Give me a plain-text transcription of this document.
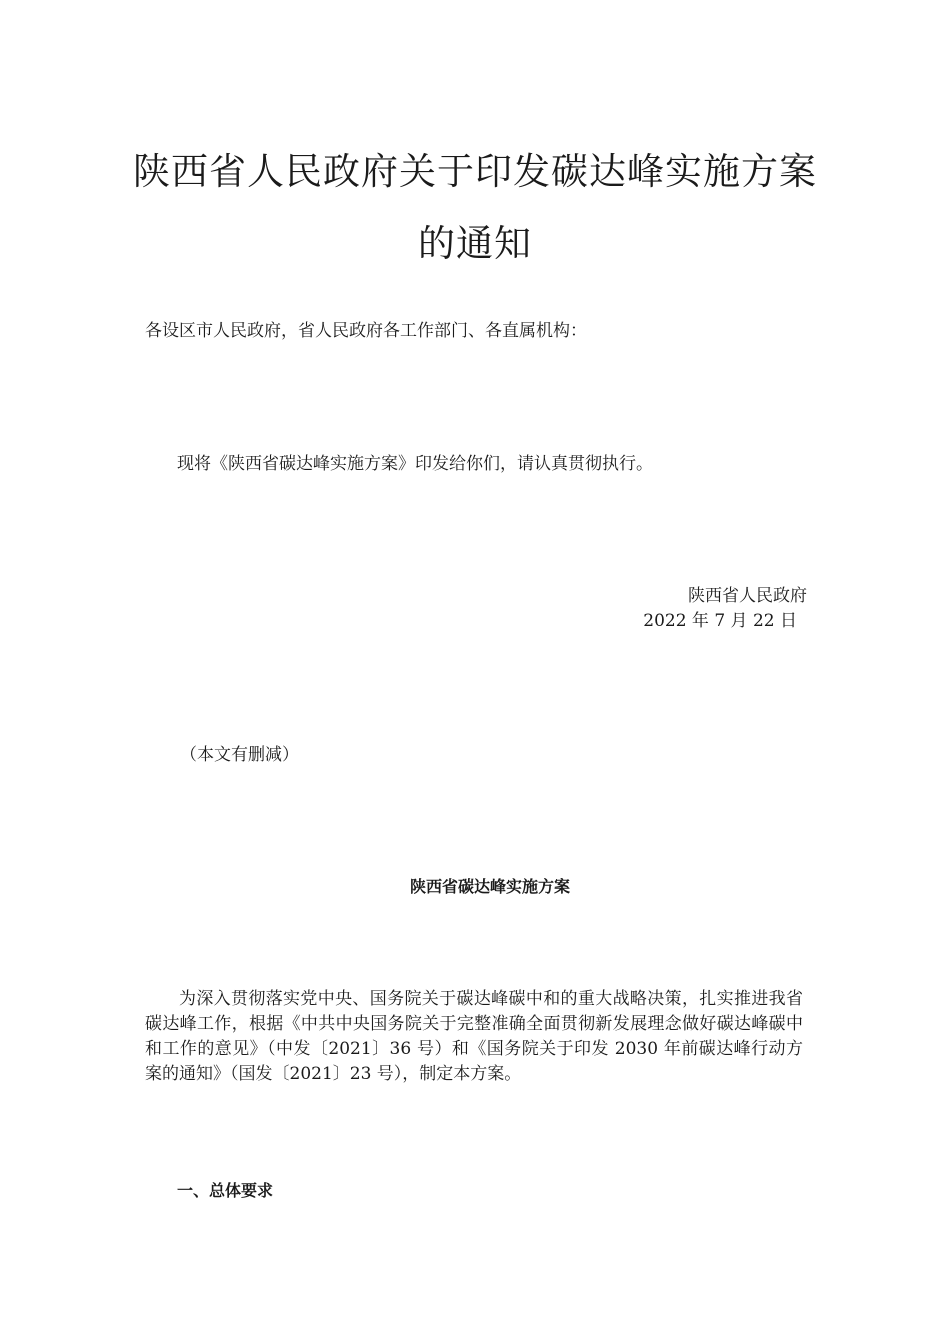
陕西省人民政府关于印发碳达峰实施方案的通知

各设区市人民政府，省人民政府各工作部门、各直属机构：

现将《陕西省碳达峰实施方案》印发给你们，请认真贯彻执行。

陕西省人民政府

2022 年 7 月 22 日

（本文有删减）

陕西省碳达峰实施方案

为深入贯彻落实党中央、国务院关于碳达峰碳中和的重大战略决策，扎实推进我省碳达峰工作，根据《中共中央国务院关于完整准确全面贯彻新发展理念做好碳达峰碳中和工作的意见》（中发〔2021〕36 号）和《国务院关于印发 2030 年前碳达峰行动方案的通知》（国发〔2021〕23 号），制定本方案。

一、总体要求
